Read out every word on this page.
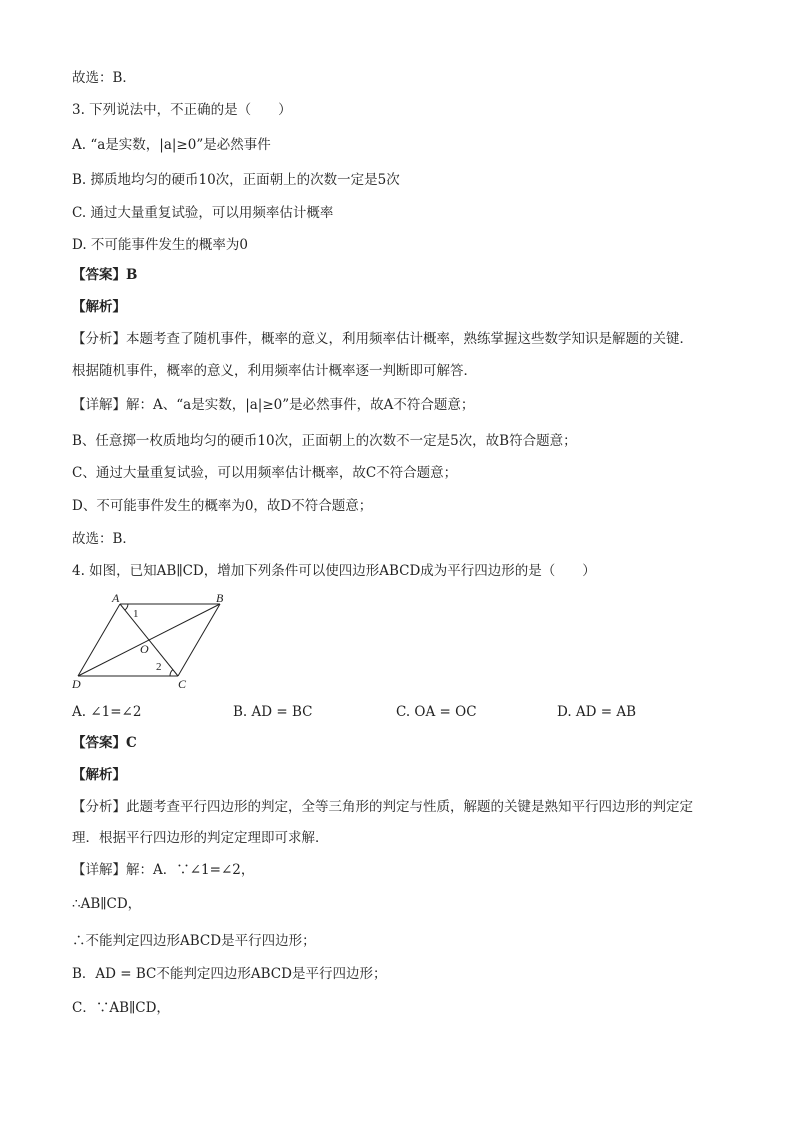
故选：B．
3. 下列说法中，不正确的是（　　）
A. “a是实数，|a|≥0”是必然事件
B. 掷质地均匀的硬币10次，正面朝上的次数一定是5次
C. 通过大量重复试验，可以用频率估计概率
D. 不可能事件发生的概率为0
【答案】B
【解析】
【分析】本题考查了随机事件，概率的意义，利用频率估计概率，熟练掌握这些数学知识是解题的关键．
根据随机事件，概率的意义，利用频率估计概率逐一判断即可解答．
【详解】解：A、“a是实数，|a|≥0”是必然事件，故A不符合题意；
B、任意掷一枚质地均匀的硬币10次，正面朝上的次数不一定是5次，故B符合题意；
C、通过大量重复试验，可以用频率估计概率，故C不符合题意；
D、不可能事件发生的概率为0，故D不符合题意；
故选：B．
4. 如图，已知AB∥CD，增加下列条件可以使四边形ABCD成为平行四边形的是（　　）
A	B
C
D
O
1
2
A. ∠1=∠2	B. AD = BC	C. OA = OC	D. AD = AB
【答案】C
【解析】
【分析】此题考查平行四边形的判定，全等三角形的判定与性质，解题的关键是熟知平行四边形的判定定
理．根据平行四边形的判定定理即可求解．
【详解】解：A．∵∠1=∠2，
∴AB∥CD，
∴不能判定四边形ABCD是平行四边形；
B．AD = BC不能判定四边形ABCD是平行四边形；
C．∵AB∥CD，
